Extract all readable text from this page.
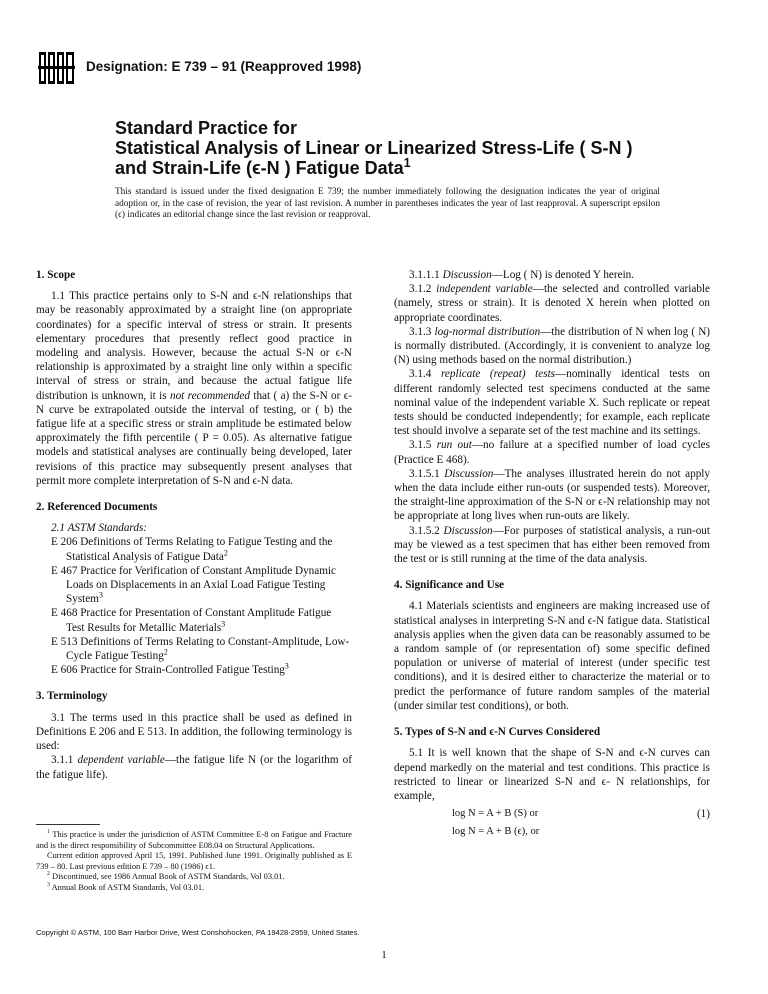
Designation: E 739 – 91 (Reapproved 1998)
Standard Practice for
Statistical Analysis of Linear or Linearized Stress-Life ( S-N )
and Strain-Life (ϵ-N ) Fatigue Data$^1$
This standard is issued under the fixed designation E 739; the number immediately following the designation indicates the year of original adoption or, in the case of revision, the year of last revision. A number in parentheses indicates the year of last reapproval. A superscript epsilon (ϵ) indicates an editorial change since the last revision or reapproval.
1. Scope

1.1 This practice pertains only to S-N and ϵ-N relationships that may be reasonably approximated by a straight line (on appropriate coordinates) for a specific interval of stress or strain. It presents elementary procedures that presently reflect good practice in modeling and analysis. However, because the actual S-N or ϵ-N relationship is approximated by a straight line only within a specific interval of stress or strain, and because the actual fatigue life distribution is unknown, it is not recommended that ( a) the S-N or ϵ-N curve be extrapolated outside the interval of testing, or ( b) the fatigue life at a specific stress or strain amplitude be estimated below approximately the fifth percentile ( P = 0.05). As alternative fatigue models and statistical analyses are continually being developed, later revisions of this practice may subsequently present analyses that permit more complete interpretation of S-N and ϵ-N data.

2. Referenced Documents

2.1 ASTM Standards:

E 206 Definitions of Terms Relating to Fatigue Testing and the Statistical Analysis of Fatigue Data$^2$

E 467 Practice for Verification of Constant Amplitude Dynamic Loads on Displacements in an Axial Load Fatigue Testing System$^3$

E 468 Practice for Presentation of Constant Amplitude Fatigue Test Results for Metallic Materials$^3$

E 513 Definitions of Terms Relating to Constant-Amplitude, Low-Cycle Fatigue Testing$^2$

E 606 Practice for Strain-Controlled Fatigue Testing$^3$

3. Terminology

3.1 The terms used in this practice shall be used as defined in Definitions E 206 and E 513. In addition, the following terminology is used:

3.1.1 dependent variable—the fatigue life N (or the logarithm of the fatigue life).

$^1$ This practice is under the jurisdiction of ASTM Committee E-8 on Fatigue and Fracture and is the direct responsibility of Subcommittee E08.04 on Structural Applications.

Current edition approved April 15, 1991. Published June 1991. Originally published as E 739 – 80. Last previous edition E 739 – 80 (1986) ϵ1.

$^2$ Discontinued, see 1986 Annual Book of ASTM Standards, Vol 03.01.

$^3$ Annual Book of ASTM Standards, Vol 03.01.

3.1.1.1 Discussion—Log ( N) is denoted Y herein.

3.1.2 independent variable—the selected and controlled variable (namely, stress or strain). It is denoted X herein when plotted on appropriate coordinates.

3.1.3 log-normal distribution—the distribution of N when log ( N) is normally distributed. (Accordingly, it is convenient to analyze log (N) using methods based on the normal distribution.)

3.1.4 replicate (repeat) tests—nominally identical tests on different randomly selected test specimens conducted at the same nominal value of the independent variable X. Such replicate or repeat tests should be conducted independently; for example, each replicate test should involve a separate set of the test machine and its settings.

3.1.5 run out—no failure at a specified number of load cycles (Practice E 468).

3.1.5.1 Discussion—The analyses illustrated herein do not apply when the data include either run-outs (or suspended tests). Moreover, the straight-line approximation of the S-N or ϵ-N relationship may not be appropriate at long lives when run-outs are likely.

3.1.5.2 Discussion—For purposes of statistical analysis, a run-out may be viewed as a test specimen that has either been removed from the test or is still running at the time of the data analysis.

4. Significance and Use

4.1 Materials scientists and engineers are making increased use of statistical analyses in interpreting S-N and ϵ-N fatigue data. Statistical analysis applies when the given data can be reasonably assumed to be a random sample of (or representation of) some specific defined population or universe of material of interest (under specific test conditions), and it is desired either to characterize the material or to predict the performance of future random samples of the material (under similar test conditions), or both.

5. Types of S-N and ϵ-N Curves Considered

5.1 It is well known that the shape of S-N and ϵ-N curves can depend markedly on the material and test conditions. This practice is restricted to linear or linearized S-N and ϵ- N relationships, for example,

log N = A + B (S) or	(1)
log N = A + B (ϵ), or
Copyright © ASTM, 100 Barr Harbor Drive, West Conshohocken, PA 19428-2959, United States.
1
